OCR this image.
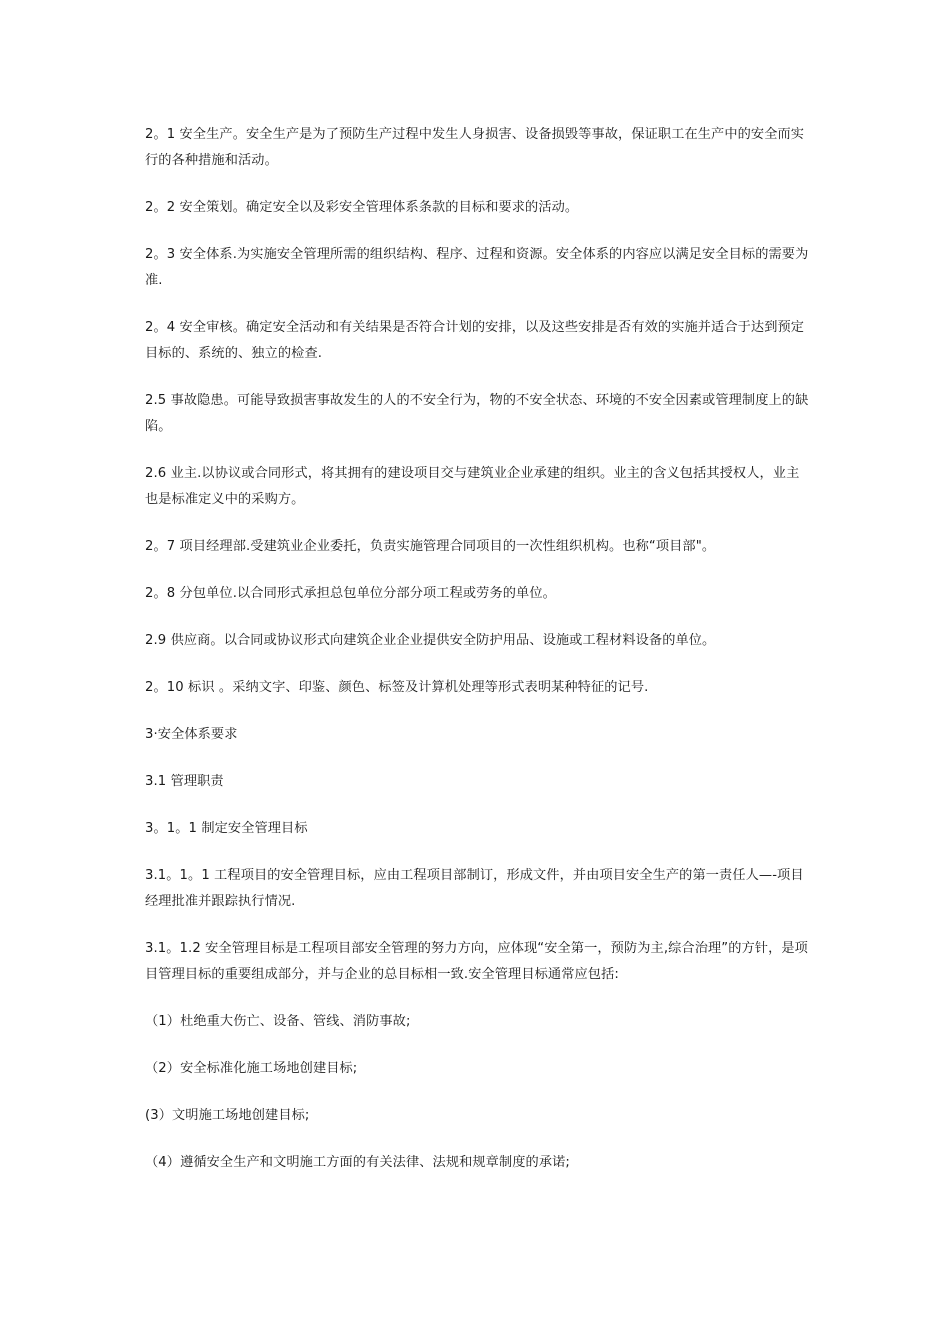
2。1 安全生产。安全生产是为了预防生产过程中发生人身损害、设备损毁等事故，保证职工在生产中的安全而实行的各种措施和活动。

2。2 安全策划。确定安全以及彩安全管理体系条款的目标和要求的活动。

2。3 安全体系.为实施安全管理所需的组织结构、程序、过程和资源。安全体系的内容应以满足安全目标的需要为准.

2。4 安全审核。确定安全活动和有关结果是否符合计划的安排，以及这些安排是否有效的实施并适合于达到预定目标的、系统的、独立的检查.

2.5 事故隐患。可能导致损害事故发生的人的不安全行为，物的不安全状态、环境的不安全因素或管理制度上的缺陷。

2.6 业主.以协议或合同形式，将其拥有的建设项目交与建筑业企业承建的组织。业主的含义包括其授权人，业主也是标准定义中的采购方。

2。7 项目经理部.受建筑业企业委托，负责实施管理合同项目的一次性组织机构。也称“项目部"。

2。8 分包单位.以合同形式承担总包单位分部分项工程或劳务的单位。

2.9 供应商。以合同或协议形式向建筑企业企业提供安全防护用品、设施或工程材料设备的单位。

2。10 标识 。采纳文字、印鉴、颜色、标签及计算机处理等形式表明某种特征的记号.

3·安全体系要求

3.1 管理职责

3。1。1 制定安全管理目标

3.1。1。1 工程项目的安全管理目标，应由工程项目部制订，形成文件，并由项目安全生产的第一责任人—-项目经理批准并跟踪执行情况.

3.1。1.2 安全管理目标是工程项目部安全管理的努力方向，应体现“安全第一，预防为主,综合治理”的方针，是项目管理目标的重要组成部分，并与企业的总目标相一致.安全管理目标通常应包括:

（1）杜绝重大伤亡、设备、管线、消防事故;

（2）安全标准化施工场地创建目标;

(3）文明施工场地创建目标;

（4）遵循安全生产和文明施工方面的有关法律、法规和规章制度的承诺;
